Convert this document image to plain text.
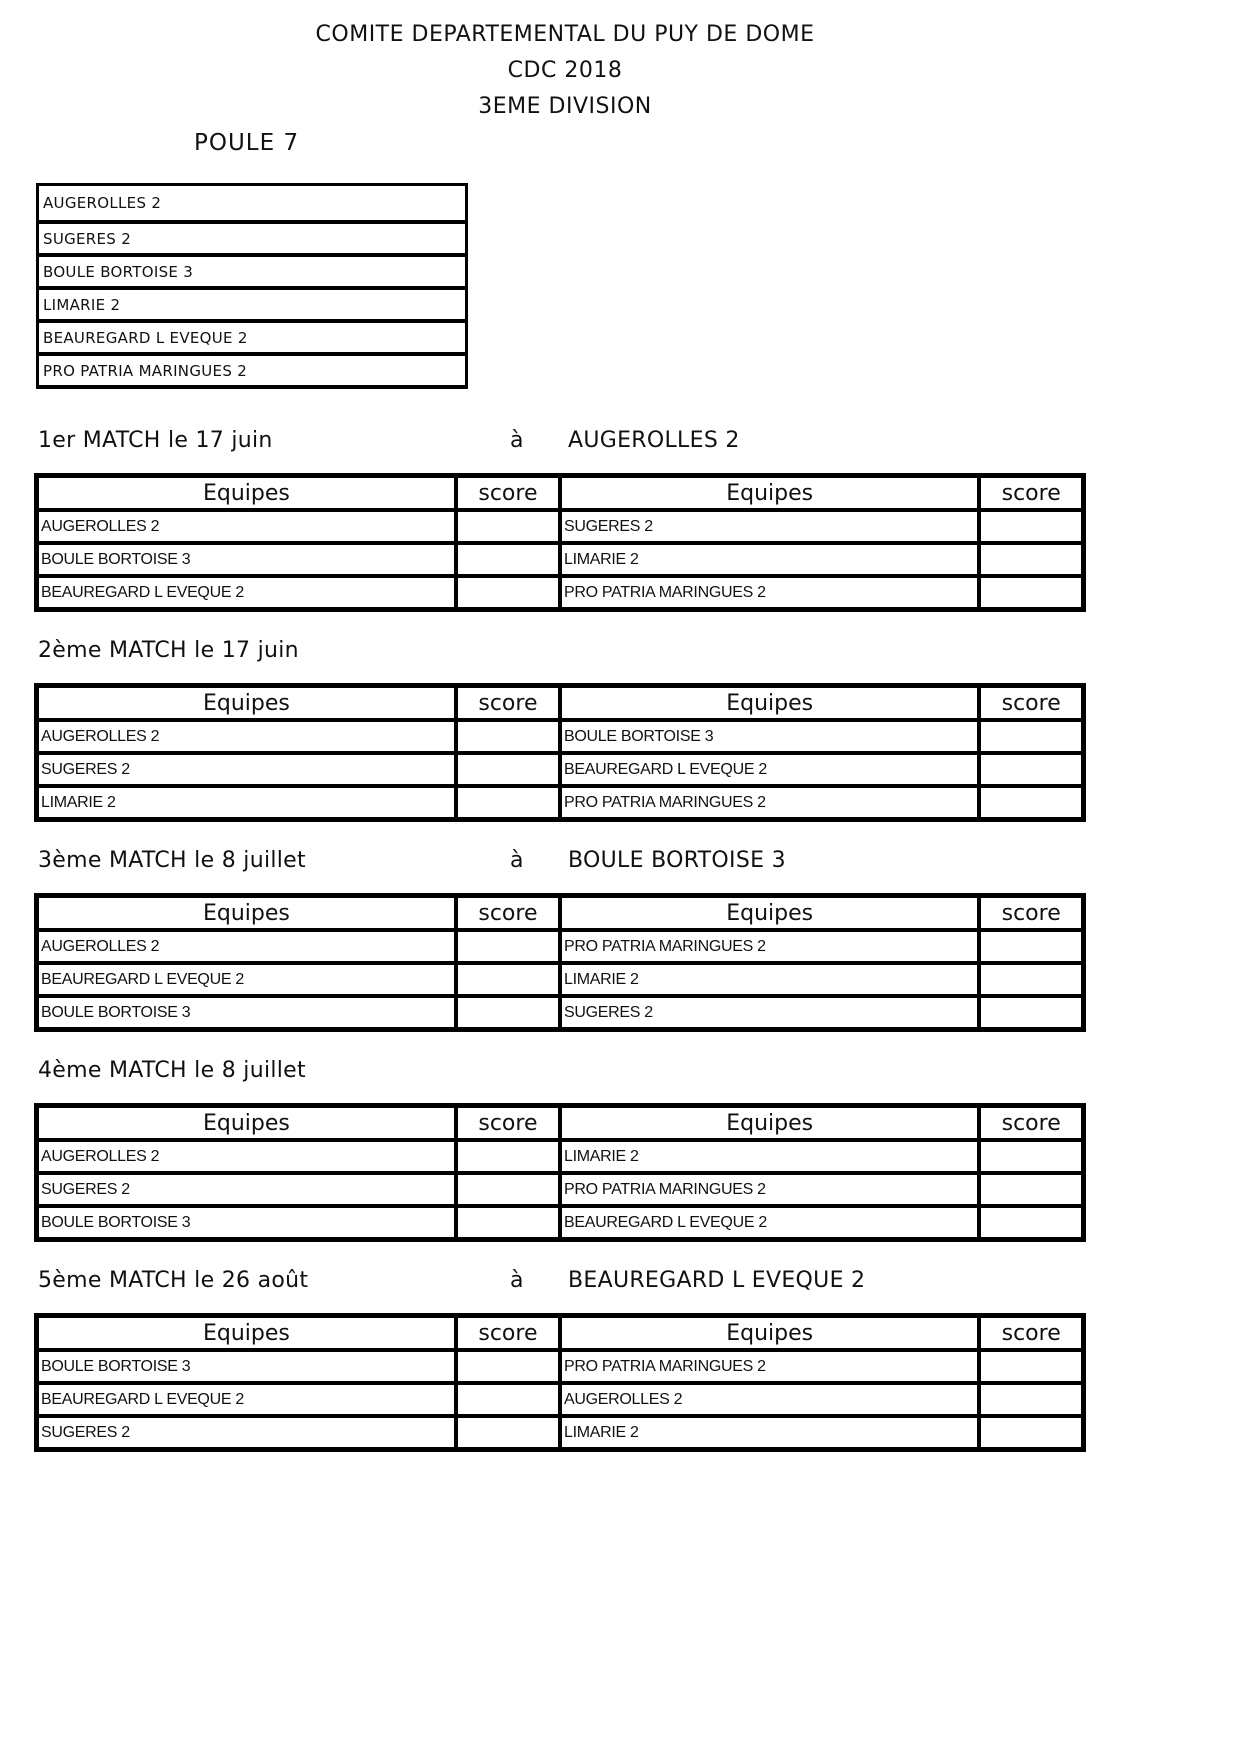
COMITE DEPARTEMENTAL DU PUY DE DOME
CDC 2018
3EME DIVISION
POULE 7
AUGEROLLES 2
SUGERES 2
BOULE BORTOISE 3
LIMARIE 2
BEAUREGARD L EVEQUE 2
PRO PATRIA MARINGUES 2
1er MATCH le 17 juin	à AUGEROLLES 2
Equipes	score	Equipes	score
AUGEROLLES 2		SUGERES 2	
BOULE BORTOISE 3		LIMARIE 2	
BEAUREGARD L EVEQUE 2		PRO PATRIA MARINGUES 2	
2ème MATCH le 17 juin
Equipes	score	Equipes	score
AUGEROLLES 2		BOULE BORTOISE 3	
SUGERES 2		BEAUREGARD L EVEQUE 2	
LIMARIE 2		PRO PATRIA MARINGUES 2	
3ème MATCH le 8 juillet	à BOULE BORTOISE 3
Equipes	score	Equipes	score
AUGEROLLES 2		PRO PATRIA MARINGUES 2	
BEAUREGARD L EVEQUE 2		LIMARIE 2	
BOULE BORTOISE 3		SUGERES 2	
4ème MATCH le 8 juillet
Equipes	score	Equipes	score
AUGEROLLES 2		LIMARIE 2	
SUGERES 2		PRO PATRIA MARINGUES 2	
BOULE BORTOISE 3		BEAUREGARD L EVEQUE 2	
5ème MATCH le 26 août	à BEAUREGARD L EVEQUE 2
Equipes	score	Equipes	score
BOULE BORTOISE 3		PRO PATRIA MARINGUES 2	
BEAUREGARD L EVEQUE 2		AUGEROLLES 2	
SUGERES 2		LIMARIE 2	
